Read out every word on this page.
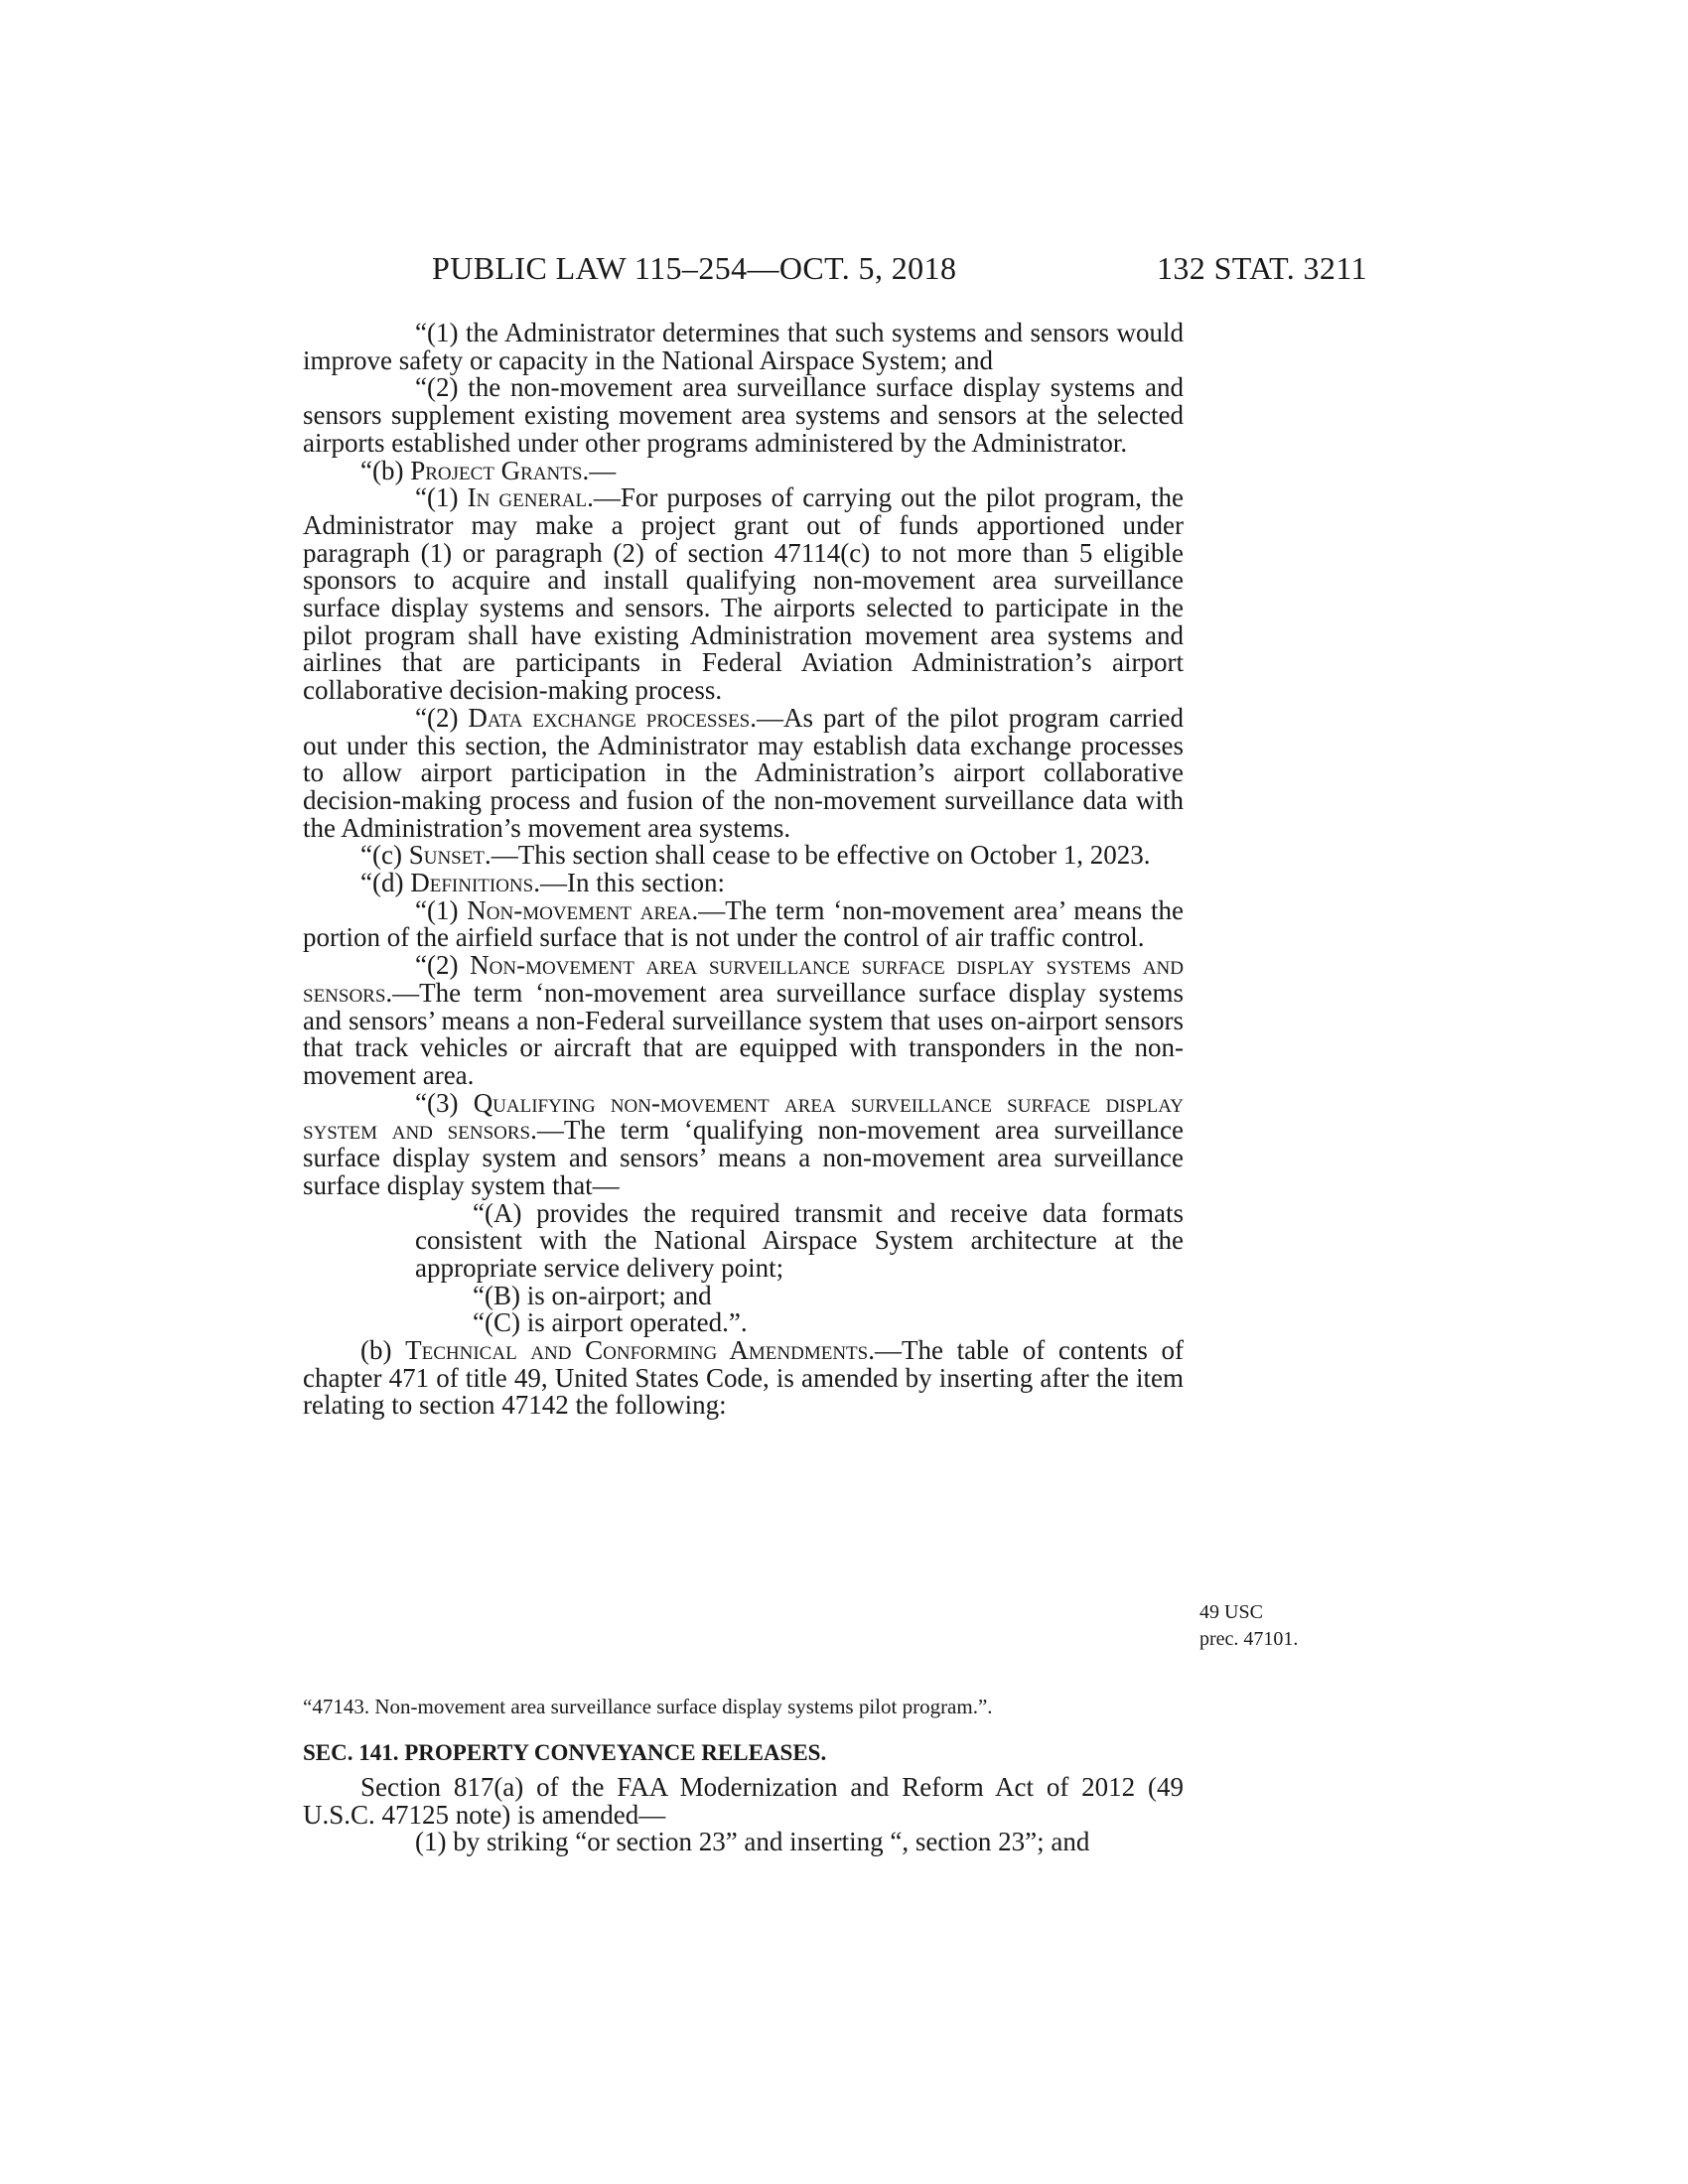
PUBLIC LAW 115–254—OCT. 5, 2018	132 STAT. 3211

“(1) the Administrator determines that such systems and sensors would improve safety or capacity in the National Airspace System; and

“(2) the non-movement area surveillance surface display systems and sensors supplement existing movement area systems and sensors at the selected airports established under other programs administered by the Administrator.

“(b) Project Grants.—

“(1) In general.—For purposes of carrying out the pilot program, the Administrator may make a project grant out of funds apportioned under paragraph (1) or paragraph (2) of section 47114(c) to not more than 5 eligible sponsors to acquire and install qualifying non-movement area surveillance surface display systems and sensors. The airports selected to participate in the pilot program shall have existing Administration movement area systems and airlines that are participants in Federal Aviation Administration’s airport collaborative decision-making process.

“(2) Data exchange processes.—As part of the pilot program carried out under this section, the Administrator may establish data exchange processes to allow airport participation in the Administration’s airport collaborative decision-making process and fusion of the non-movement surveillance data with the Administration’s movement area systems.

“(c) Sunset.—This section shall cease to be effective on October 1, 2023.

“(d) Definitions.—In this section:

“(1) Non-movement area.—The term ‘non-movement area’ means the portion of the airfield surface that is not under the control of air traffic control.

“(2) Non-movement area surveillance surface display systems and sensors.—The term ‘non-movement area surveillance surface display systems and sensors’ means a non-Federal surveillance system that uses on-airport sensors that track vehicles or aircraft that are equipped with transponders in the non-movement area.

“(3) Qualifying non-movement area surveillance surface display system and sensors.—The term ‘qualifying non-movement area surveillance surface display system and sensors’ means a non-movement area surveillance surface display system that—

“(A) provides the required transmit and receive data formats consistent with the National Airspace System architecture at the appropriate service delivery point;

“(B) is on-airport; and

“(C) is airport operated.”.

(b) Technical and Conforming Amendments.—The table of contents of chapter 471 of title 49, United States Code, is amended by inserting after the item relating to section 47142 the following:

49 USC
prec. 47101.
“47143. Non-movement area surveillance surface display systems pilot program.”.
SEC. 141. PROPERTY CONVEYANCE RELEASES.

Section 817(a) of the FAA Modernization and Reform Act of 2012 (49 U.S.C. 47125 note) is amended—

(1) by striking “or section 23” and inserting “, section 23”; and
